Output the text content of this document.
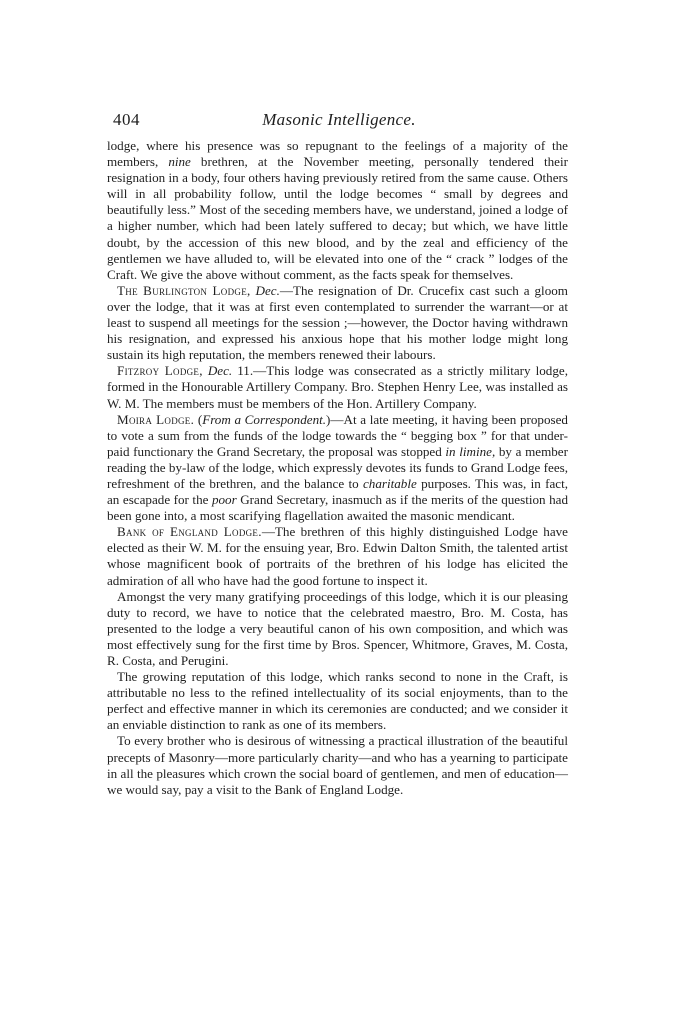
404	Masonic Intelligence.

lodge, where his presence was so repugnant to the feelings of a majority of the members, nine brethren, at the November meeting, personally tendered their resignation in a body, four others having previously retired from the same cause. Others will in all probability follow, until the lodge becomes “ small by degrees and beautifully less.” Most of the seceding members have, we understand, joined a lodge of a higher number, which had been lately suffered to decay; but which, we have little doubt, by the accession of this new blood, and by the zeal and efficiency of the gentlemen we have alluded to, will be elevated into one of the “ crack ” lodges of the Craft. We give the above without comment, as the facts speak for themselves.

The Burlington Lodge, Dec.—The resignation of Dr. Crucefix cast such a gloom over the lodge, that it was at first even contemplated to surrender the warrant—or at least to suspend all meetings for the session ;—however, the Doctor having withdrawn his resignation, and expressed his anxious hope that his mother lodge might long sustain its high reputation, the members renewed their labours.

Fitzroy Lodge, Dec. 11.—This lodge was consecrated as a strictly military lodge, formed in the Honourable Artillery Company. Bro. Stephen Henry Lee, was installed as W. M. The members must be members of the Hon. Artillery Company.

Moira Lodge. (From a Correspondent.)—At a late meeting, it having been proposed to vote a sum from the funds of the lodge towards the “ begging box ” for that under-paid functionary the Grand Secretary, the proposal was stopped in limine, by a member reading the by-law of the lodge, which expressly devotes its funds to Grand Lodge fees, refreshment of the brethren, and the balance to charitable purposes. This was, in fact, an escapade for the poor Grand Secretary, inasmuch as if the merits of the question had been gone into, a most scarifying flagellation awaited the masonic mendicant.

Bank of England Lodge.—The brethren of this highly distinguished Lodge have elected as their W. M. for the ensuing year, Bro. Edwin Dalton Smith, the talented artist whose magnificent book of portraits of the brethren of his lodge has elicited the admiration of all who have had the good fortune to inspect it.

Amongst the very many gratifying proceedings of this lodge, which it is our pleasing duty to record, we have to notice that the celebrated maestro, Bro. M. Costa, has presented to the lodge a very beautiful canon of his own composition, and which was most effectively sung for the first time by Bros. Spencer, Whitmore, Graves, M. Costa, R. Costa, and Perugini.

The growing reputation of this lodge, which ranks second to none in the Craft, is attributable no less to the refined intellectuality of its social enjoyments, than to the perfect and effective manner in which its ceremonies are conducted; and we consider it an enviable distinction to rank as one of its members.

To every brother who is desirous of witnessing a practical illustration of the beautiful precepts of Masonry—more particularly charity—and who has a yearning to participate in all the pleasures which crown the social board of gentlemen, and men of education—we would say, pay a visit to the Bank of England Lodge.
